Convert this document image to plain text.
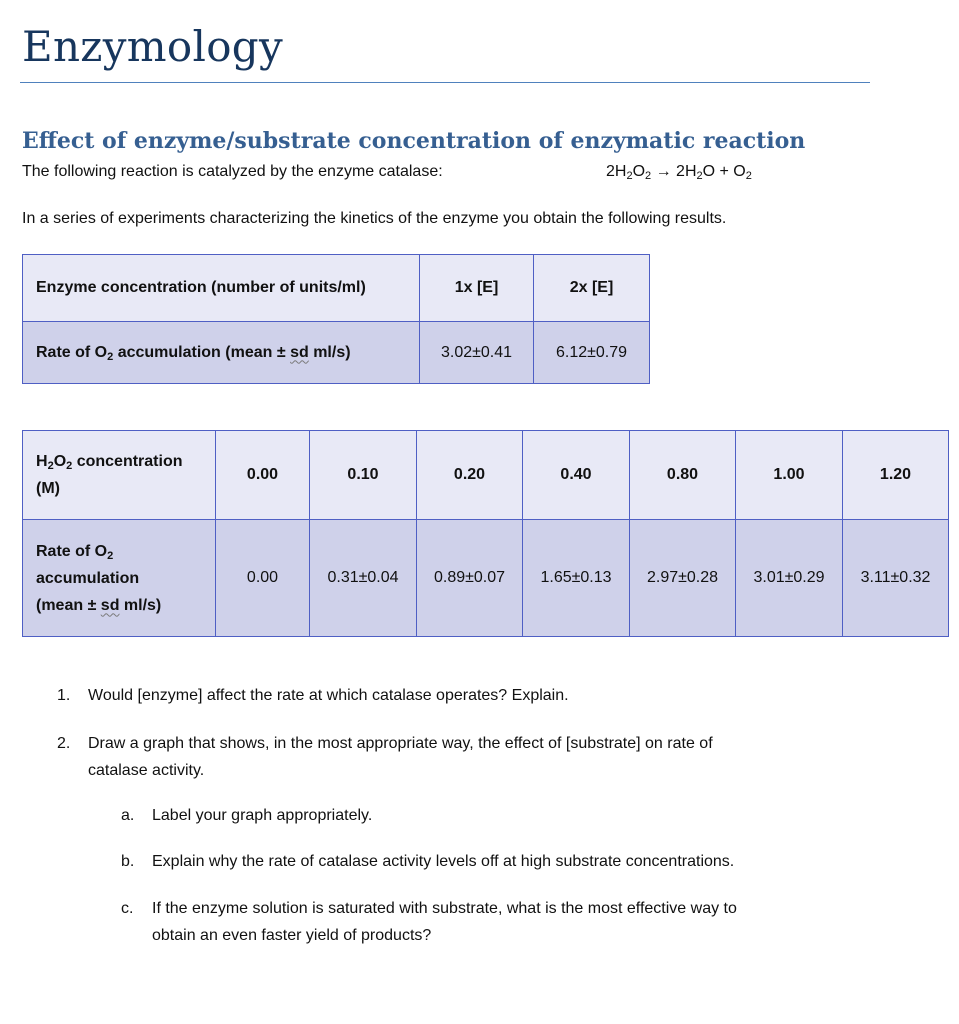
Enzymology
Effect of enzyme/substrate concentration of enzymatic reaction

The following reaction is catalyzed by the enzyme catalase:	$2H_2O_2 \to 2H_2O + O_2$

In a series of experiments characterizing the kinetics of the enzyme you obtain the following results.

Enzyme concentration (number of units/ml)	1x [E]	2x [E]
Rate of $O_2$ accumulation (mean ± sd ml/s)	3.02±0.41	6.12±0.79
$H_2O_2$ concentration
(M)	0.00	0.10	0.20	0.40	0.80	1.00	1.20
Rate of $O_2$
accumulation
(mean ± sd ml/s)	0.00	0.31±0.04	0.89±0.07	1.65±0.13	2.97±0.28	3.01±0.29	3.11±0.32
1.	Would [enzyme] affect the rate at which catalase operates? Explain.
2.	Draw a graph that shows, in the most appropriate way, the effect of [substrate] on rate of
catalase activity.
a.	Label your graph appropriately.
b.	Explain why the rate of catalase activity levels off at high substrate concentrations.
c.	If the enzyme solution is saturated with substrate, what is the most effective way to
obtain an even faster yield of products?
